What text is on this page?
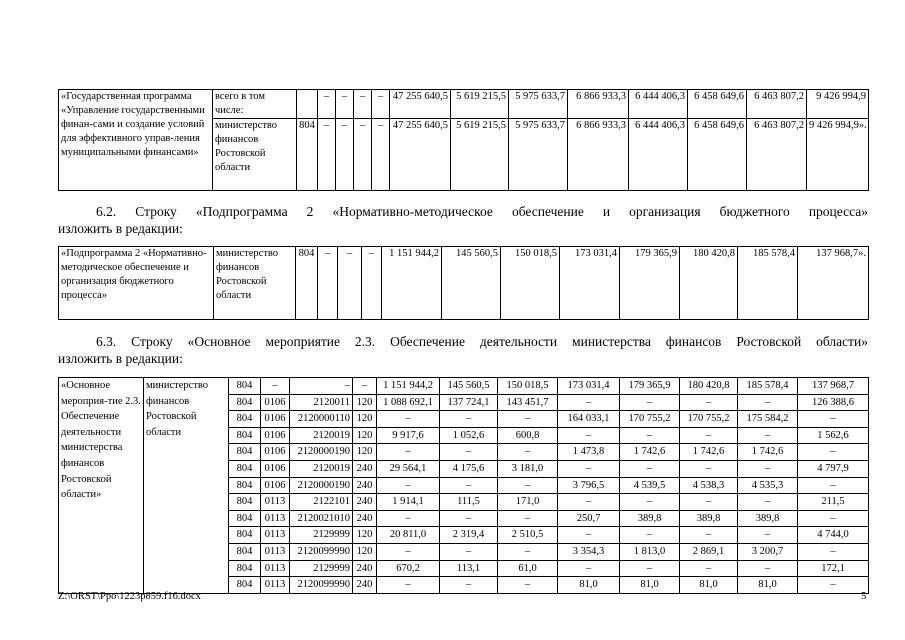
«Государственная программа «Управление государственными финан-сами и создание условий для эффективного управ-ления муниципальными финансами»	всего в том числе:		–	–	–	–	47 255 640,5	5 619 215,5	5 975 633,7	6 866 933,3	6 444 406,3	6 458 649,6	6 463 807,2	9 426 994,9
	министерство финансов Ростовской области	804	–	–	–	–	47 255 640,5	5 619 215,5	5 975 633,7	6 866 933,3	6 444 406,3	6 458 649,6	6 463 807,2	9 426 994,9».
6.2. Строку «Подпрограмма 2 «Нормативно-методическое обеспечение и организация бюджетного процесса»
изложить в редакции:
«Подпрограмма 2 «Нормативно-методическое обеспечение и организация бюджетного процесса»	министерство финансов Ростовской области	804	–	–	–	1 151 944,2	145 560,5	150 018,5	173 031,4	179 365,9	180 420,8	185 578,4	137 968,7».
6.3. Строку «Основное мероприятие 2.3. Обеспечение деятельности министерства финансов Ростовской области»
изложить в редакции:
«Основное мероприя-тие 2.3. Обеспечение деятельности министерства финансов Ростовской области»	министерство финансов Ростовской области	804	–	–	–	1 151 944,2	145 560,5	150 018,5	173 031,4	179 365,9	180 420,8	185 578,4	137 968,7
		804	0106	2120011	120	1 088 692,1	137 724,1	143 451,7	–	–	–	–	126 388,6
		804	0106	2120000110	120	–	–	–	164 033,1	170 755,2	170 755,2	175 584,2	–
		804	0106	2120019	120	9 917,6	1 052,6	600,8	–	–	–	–	1 562,6
		804	0106	2120000190	120	–	–	–	1 473,8	1 742,6	1 742,6	1 742,6	–
		804	0106	2120019	240	29 564,1	4 175,6	3 181,0	–	–	–	–	4 797,9
		804	0106	2120000190	240	–	–	–	3 796,5	4 539,5	4 538,3	4 535,3	–
		804	0113	2122101	240	1 914,1	111,5	171,0	–	–	–	–	211,5
		804	0113	2120021010	240	–	–	–	250,7	389,8	389,8	389,8	–
		804	0113	2129999	120	20 811,0	2 319,4	2 510,5	–	–	–	–	4 744,0
		804	0113	2120099990	120	–	–	–	3 354,3	1 813,0	2 869,1	3 200,7	–
		804	0113	2129999	240	670,2	113,1	61,0	–	–	–	–	172,1
		804	0113	2120099990	240	–	–	–	81,0	81,0	81,0	81,0	–
Z:\ORST\Ppo\1223p859.f16.docx	5
